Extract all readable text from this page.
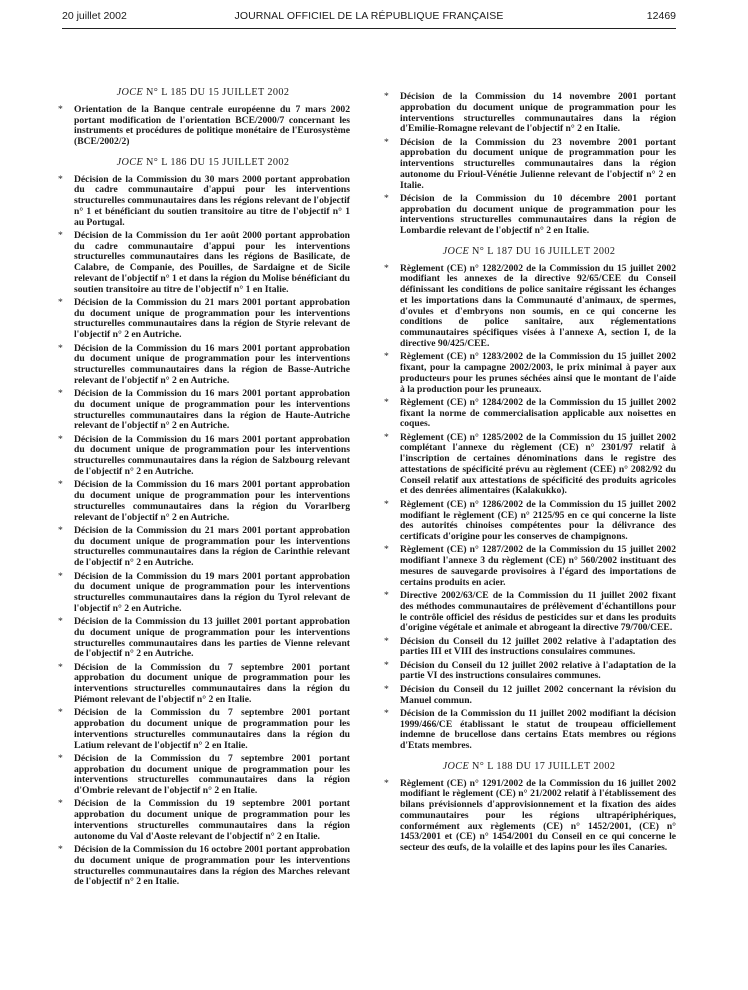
20 juillet 2002	JOURNAL OFFICIEL DE LA RÉPUBLIQUE FRANÇAISE	12469
JOCE N° L 185 DU 15 JUILLET 2002
* Orientation de la Banque centrale européenne du 7 mars 2002 portant modification de l'orientation BCE/2000/7 concernant les instruments et procédures de politique monétaire de l'Eurosystème (BCE/2002/2)
JOCE N° L 186 DU 15 JUILLET 2002
* Décision de la Commission du 30 mars 2000 portant approbation du cadre communautaire d'appui pour les interventions structurelles communautaires dans les régions relevant de l'objectif n° 1 et bénéficiant du soutien transitoire au titre de l'objectif n° 1 au Portugal.
* Décision de la Commission du 1er août 2000 portant approbation du cadre communautaire d'appui pour les interventions structurelles communautaires dans les régions de Basilicate, de Calabre, de Companie, des Pouilles, de Sardaigne et de Sicile relevant de l'objectif n° 1 et dans la région du Molise bénéficiant du soutien transitoire au titre de l'objectif n° 1 en Italie.
* Décision de la Commission du 21 mars 2001 portant approbation du document unique de programmation pour les interventions structurelles communautaires dans la région de Styrie relevant de l'objectif n° 2 en Autriche.
* Décision de la Commission du 16 mars 2001 portant approbation du document unique de programmation pour les interventions structurelles communautaires dans la région de Basse-Autriche relevant de l'objectif n° 2 en Autriche.
* Décision de la Commission du 16 mars 2001 portant approbation du document unique de programmation pour les interventions structurelles communautaires dans la région de Haute-Autriche relevant de l'objectif n° 2 en Autriche.
* Décision de la Commission du 16 mars 2001 portant approbation du document unique de programmation pour les interventions structurelles communautaires dans la région de Salzbourg relevant de l'objectif n° 2 en Autriche.
* Décision de la Commission du 16 mars 2001 portant approbation du document unique de programmation pour les interventions structurelles communautaires dans la région du Vorarlberg relevant de l'objectif n° 2 en Autriche.
* Décision de la Commission du 21 mars 2001 portant approbation du document unique de programmation pour les interventions structurelles communautaires dans la région de Carinthie relevant de l'objectif n° 2 en Autriche.
* Décision de la Commission du 19 mars 2001 portant approbation du document unique de programmation pour les interventions structurelles communautaires dans la région du Tyrol relevant de l'objectif n° 2 en Autriche.
* Décision de la Commission du 13 juillet 2001 portant approbation du document unique de programmation pour les interventions structurelles communautaires dans les parties de Vienne relevant de l'objectif n° 2 en Autriche.
* Décision de la Commission du 7 septembre 2001 portant approbation du document unique de programmation pour les interventions structurelles communautaires dans la région du Piémont relevant de l'objectif n° 2 en Italie.
* Décision de la Commission du 7 septembre 2001 portant approbation du document unique de programmation pour les interventions structurelles communautaires dans la région du Latium relevant de l'objectif n° 2 en Italie.
* Décision de la Commission du 7 septembre 2001 portant approbation du document unique de programmation pour les interventions structurelles communautaires dans la région d'Ombrie relevant de l'objectif n° 2 en Italie.
* Décision de la Commission du 19 septembre 2001 portant approbation du document unique de programmation pour les interventions structurelles communautaires dans la région autonome du Val d'Aoste relevant de l'objectif n° 2 en Italie.
* Décision de la Commission du 16 octobre 2001 portant approbation du document unique de programmation pour les interventions structurelles communautaires dans la région des Marches relevant de l'objectif n° 2 en Italie.
* Décision de la Commission du 14 novembre 2001 portant approbation du document unique de programmation pour les interventions structurelles communautaires dans la région d'Emilie-Romagne relevant de l'objectif n° 2 en Italie.
* Décision de la Commission du 23 novembre 2001 portant approbation du document unique de programmation pour les interventions structurelles communautaires dans la région autonome du Frioul-Vénétie Julienne relevant de l'objectif n° 2 en Italie.
* Décision de la Commission du 10 décembre 2001 portant approbation du document unique de programmation pour les interventions structurelles communautaires dans la région de Lombardie relevant de l'objectif n° 2 en Italie.
JOCE N° L 187 DU 16 JUILLET 2002
* Règlement (CE) n° 1282/2002 de la Commission du 15 juillet 2002 modifiant les annexes de la directive 92/65/CEE du Conseil définissant les conditions de police sanitaire régissant les échanges et les importations dans la Communauté d'animaux, de spermes, d'ovules et d'embryons non soumis, en ce qui concerne les conditions de police sanitaire, aux réglementations communautaires spécifiques visées à l'annexe A, section I, de la directive 90/425/CEE.
* Règlement (CE) n° 1283/2002 de la Commission du 15 juillet 2002 fixant, pour la campagne 2002/2003, le prix minimal à payer aux producteurs pour les prunes séchées ainsi que le montant de l'aide à la production pour les pruneaux.
* Règlement (CE) n° 1284/2002 de la Commission du 15 juillet 2002 fixant la norme de commercialisation applicable aux noisettes en coques.
* Règlement (CE) n° 1285/2002 de la Commission du 15 juillet 2002 complétant l'annexe du règlement (CE) n° 2301/97 relatif à l'inscription de certaines dénominations dans le registre des attestations de spécificité prévu au règlement (CEE) n° 2082/92 du Conseil relatif aux attestations de spécificité des produits agricoles et des denrées alimentaires (Kalakukko).
* Règlement (CE) n° 1286/2002 de la Commission du 15 juillet 2002 modifiant le règlement (CE) n° 2125/95 en ce qui concerne la liste des autorités chinoises compétentes pour la délivrance des certificats d'origine pour les conserves de champignons.
* Règlement (CE) n° 1287/2002 de la Commission du 15 juillet 2002 modifiant l'annexe 3 du règlement (CE) n° 560/2002 instituant des mesures de sauvegarde provisoires à l'égard des importations de certains produits en acier.
* Directive 2002/63/CE de la Commission du 11 juillet 2002 fixant des méthodes communautaires de prélèvement d'échantillons pour le contrôle officiel des résidus de pesticides sur et dans les produits d'origine végétale et animale et abrogeant la directive 79/700/CEE.
* Décision du Conseil du 12 juillet 2002 relative à l'adaptation des parties III et VIII des instructions consulaires communes.
* Décision du Conseil du 12 juillet 2002 relative à l'adaptation de la partie VI des instructions consulaires communes.
* Décision du Conseil du 12 juillet 2002 concernant la révision du Manuel commun.
* Décision de la Commission du 11 juillet 2002 modifiant la décision 1999/466/CE établissant le statut de troupeau officiellement indemne de brucellose dans certains Etats membres ou régions d'Etats membres.
JOCE N° L 188 DU 17 JUILLET 2002
* Règlement (CE) n° 1291/2002 de la Commission du 16 juillet 2002 modifiant le règlement (CE) n° 21/2002 relatif à l'établissement des bilans prévisionnels d'approvisionnement et la fixation des aides communautaires pour les régions ultrapériphériques, conformément aux règlements (CE) n° 1452/2001, (CE) n° 1453/2001 et (CE) n° 1454/2001 du Conseil en ce qui concerne le secteur des œufs, de la volaille et des lapins pour les îles Canaries.
